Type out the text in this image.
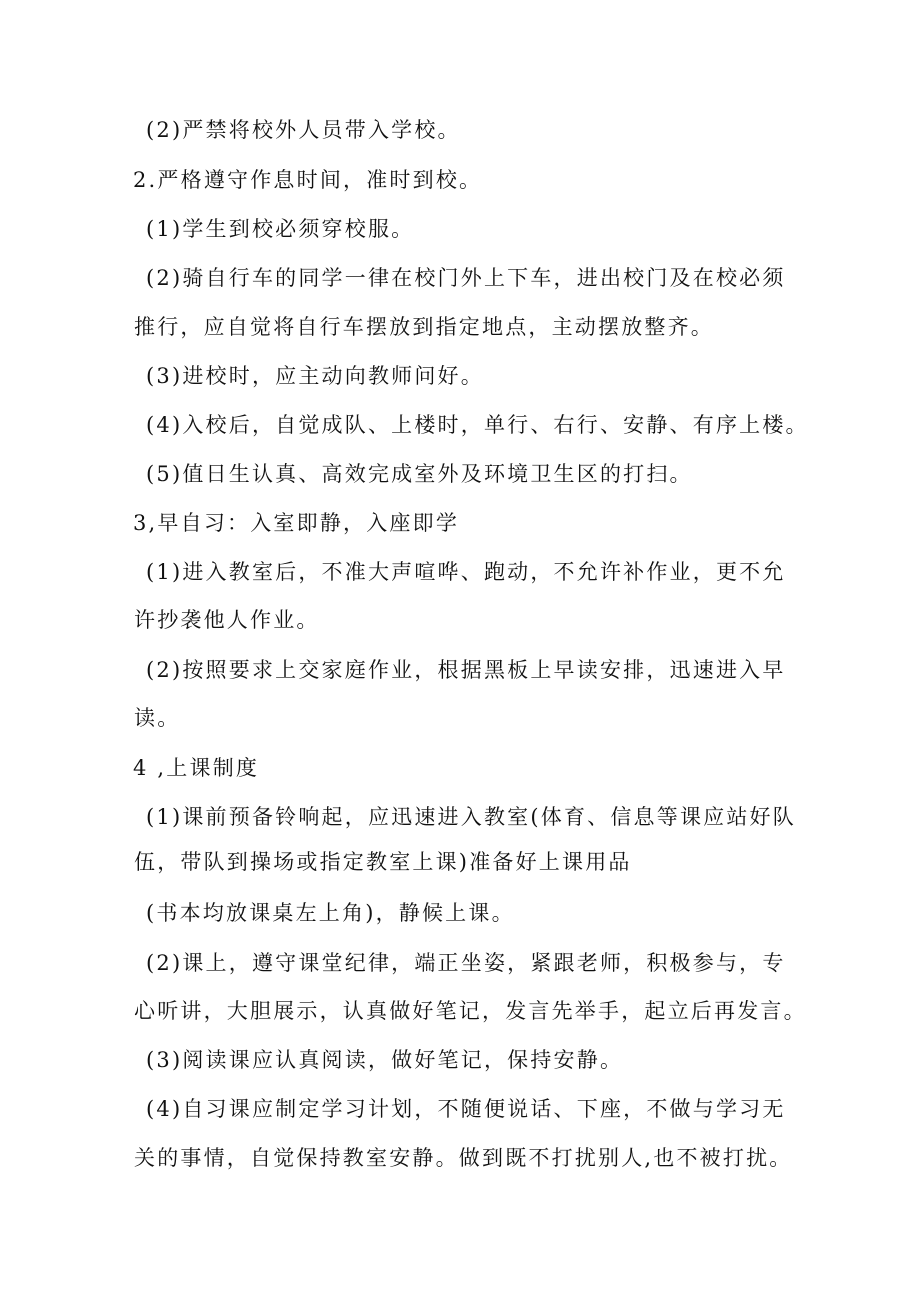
(2)严禁将校外人员带入学校。
2.严格遵守作息时间，准时到校。
(1)学生到校必须穿校服。
(2)骑自行车的同学一律在校门外上下车，进出校门及在校必须
推行，应自觉将自行车摆放到指定地点，主动摆放整齐。
(3)进校时，应主动向教师问好。
(4)入校后，自觉成队、上楼时，单行、右行、安静、有序上楼。
(5)值日生认真、高效完成室外及环境卫生区的打扫。
3,早自习：入室即静，入座即学
(1)进入教室后，不准大声喧哗、跑动，不允许补作业，更不允
许抄袭他人作业。
(2)按照要求上交家庭作业，根据黑板上早读安排，迅速进入早
读。
4 ,上课制度
(1)课前预备铃响起，应迅速进入教室(体育、信息等课应站好队
伍，带队到操场或指定教室上课)准备好上课用品
(书本均放课桌左上角)，静候上课。
(2)课上，遵守课堂纪律，端正坐姿，紧跟老师，积极参与，专
心听讲，大胆展示，认真做好笔记，发言先举手，起立后再发言。
(3)阅读课应认真阅读，做好笔记，保持安静。
(4)自习课应制定学习计划，不随便说话、下座，不做与学习无
关的事情，自觉保持教室安静。做到既不打扰别人,也不被打扰。
